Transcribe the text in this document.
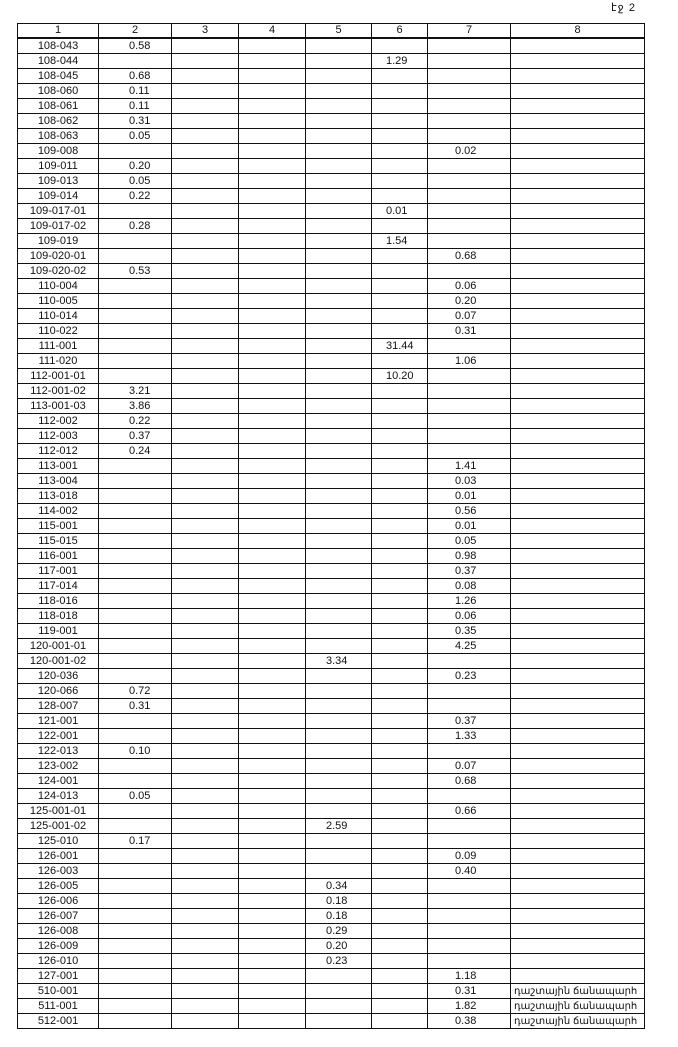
էջ 2
1	2	3	4	5	6	7	8
108-043	0.58						
108-044					1.29		
108-045	0.68						
108-060	0.11						
108-061	0.11						
108-062	0.31						
108-063	0.05						
109-008						0.02	
109-011	0.20						
109-013	0.05						
109-014	0.22						
109-017-01					0.01		
109-017-02	0.28						
109-019					1.54		
109-020-01						0.68	
109-020-02	0.53						
110-004						0.06	
110-005						0.20	
110-014						0.07	
110-022						0.31	
111-001					31.44		
111-020						1.06	
112-001-01					10.20		
112-001-02	3.21						
113-001-03	3.86						
112-002	0.22						
112-003	0.37						
112-012	0.24						
113-001						1.41	
113-004						0.03	
113-018						0.01	
114-002						0.56	
115-001						0.01	
115-015						0.05	
116-001						0.98	
117-001						0.37	
117-014						0.08	
118-016						1.26	
118-018						0.06	
119-001						0.35	
120-001-01						4.25	
120-001-02				3.34			
120-036						0.23	
120-066	0.72						
128-007	0.31						
121-001						0.37	
122-001						1.33	
122-013	0.10						
123-002						0.07	
124-001						0.68	
124-013	0.05						
125-001-01						0.66	
125-001-02				2.59			
125-010	0.17						
126-001						0.09	
126-003						0.40	
126-005				0.34			
126-006				0.18			
126-007				0.18			
126-008				0.29			
126-009				0.20			
126-010				0.23			
127-001						1.18	
510-001						0.31	դաշտային ճանապարհ
511-001						1.82	դաշտային ճանապարհ
512-001						0.38	դաշտային ճանապարհ
